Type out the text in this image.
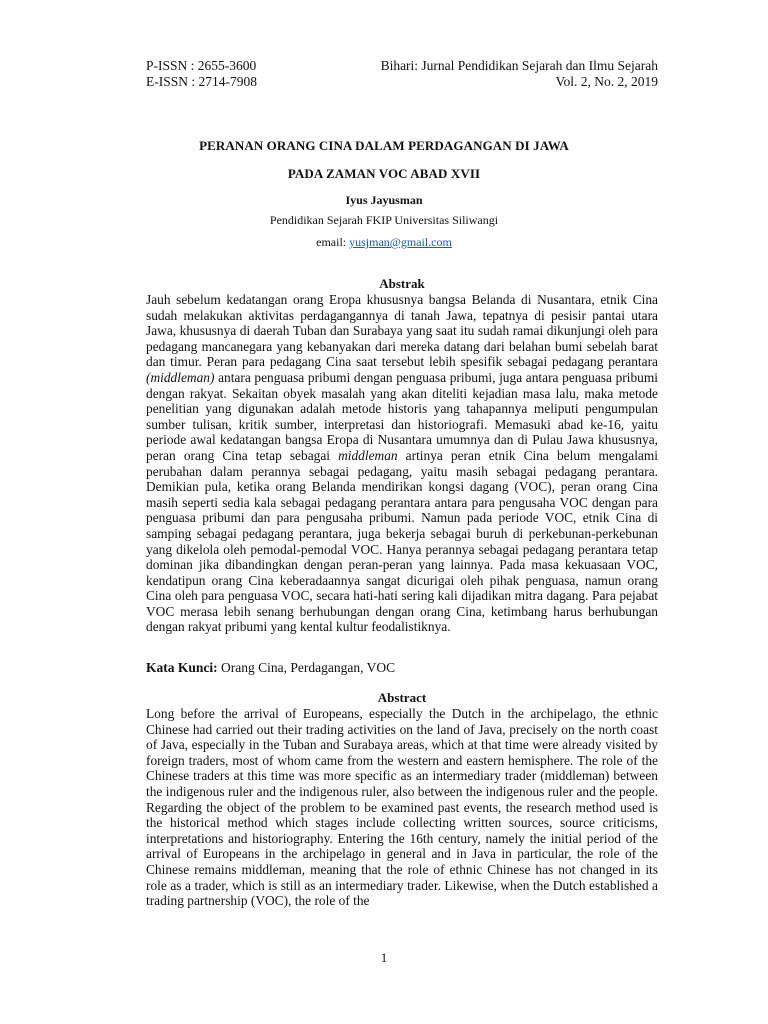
P-ISSN : 2655-3600
E-ISSN : 2714-7908
Bihari: Jurnal Pendidikan Sejarah dan Ilmu Sejarah
Vol. 2, No. 2, 2019
PERANAN ORANG CINA DALAM PERDAGANGAN DI JAWA
PADA ZAMAN VOC ABAD XVII
Iyus Jayusman
Pendidikan Sejarah FKIP Universitas Siliwangi
email: yusjman@gmail.com
Abstrak
Jauh sebelum kedatangan orang Eropa khususnya bangsa Belanda di Nusantara, etnik Cina sudah melakukan aktivitas perdagangannya di tanah Jawa, tepatnya di pesisir pantai utara Jawa, khususnya di daerah Tuban dan Surabaya yang saat itu sudah ramai dikunjungi oleh para pedagang mancanegara yang kebanyakan dari mereka datang dari belahan bumi sebelah barat dan timur. Peran para pedagang Cina saat tersebut lebih spesifik sebagai pedagang perantara (middleman) antara penguasa pribumi dengan penguasa pribumi, juga antara penguasa pribumi dengan rakyat. Sekaitan obyek masalah yang akan diteliti kejadian masa lalu, maka metode penelitian yang digunakan adalah metode historis yang tahapannya meliputi pengumpulan sumber tulisan, kritik sumber, interpretasi dan historiografi. Memasuki abad ke-16, yaitu periode awal kedatangan bangsa Eropa di Nusantara umumnya dan di Pulau Jawa khususnya, peran orang Cina tetap sebagai middleman artinya peran etnik Cina belum mengalami perubahan dalam perannya sebagai pedagang, yaitu masih sebagai pedagang perantara. Demikian pula, ketika orang Belanda mendirikan kongsi dagang (VOC), peran orang Cina masih seperti sedia kala sebagai pedagang perantara antara para pengusaha VOC dengan para penguasa pribumi dan para pengusaha pribumi. Namun pada periode VOC, etnik Cina di samping sebagai pedagang perantara, juga bekerja sebagai buruh di perkebunan-perkebunan yang dikelola oleh pemodal-pemodal VOC. Hanya perannya sebagai pedagang perantara tetap dominan jika dibandingkan dengan peran-peran yang lainnya. Pada masa kekuasaan VOC, kendatipun orang Cina keberadaannya sangat dicurigai oleh pihak penguasa, namun orang Cina oleh para penguasa VOC, secara hati-hati sering kali dijadikan mitra dagang. Para pejabat VOC merasa lebih senang berhubungan dengan orang Cina, ketimbang harus berhubungan dengan rakyat pribumi yang kental kultur feodalistiknya.
Kata Kunci: Orang Cina, Perdagangan, VOC
Abstract
Long before the arrival of Europeans, especially the Dutch in the archipelago, the ethnic Chinese had carried out their trading activities on the land of Java, precisely on the north coast of Java, especially in the Tuban and Surabaya areas, which at that time were already visited by foreign traders, most of whom came from the western and eastern hemisphere. The role of the Chinese traders at this time was more specific as an intermediary trader (middleman) between the indigenous ruler and the indigenous ruler, also between the indigenous ruler and the people. Regarding the object of the problem to be examined past events, the research method used is the historical method which stages include collecting written sources, source criticisms, interpretations and historiography. Entering the 16th century, namely the initial period of the arrival of Europeans in the archipelago in general and in Java in particular, the role of the Chinese remains middleman, meaning that the role of ethnic Chinese has not changed in its role as a trader, which is still as an intermediary trader. Likewise, when the Dutch established a trading partnership (VOC), the role of the
1
